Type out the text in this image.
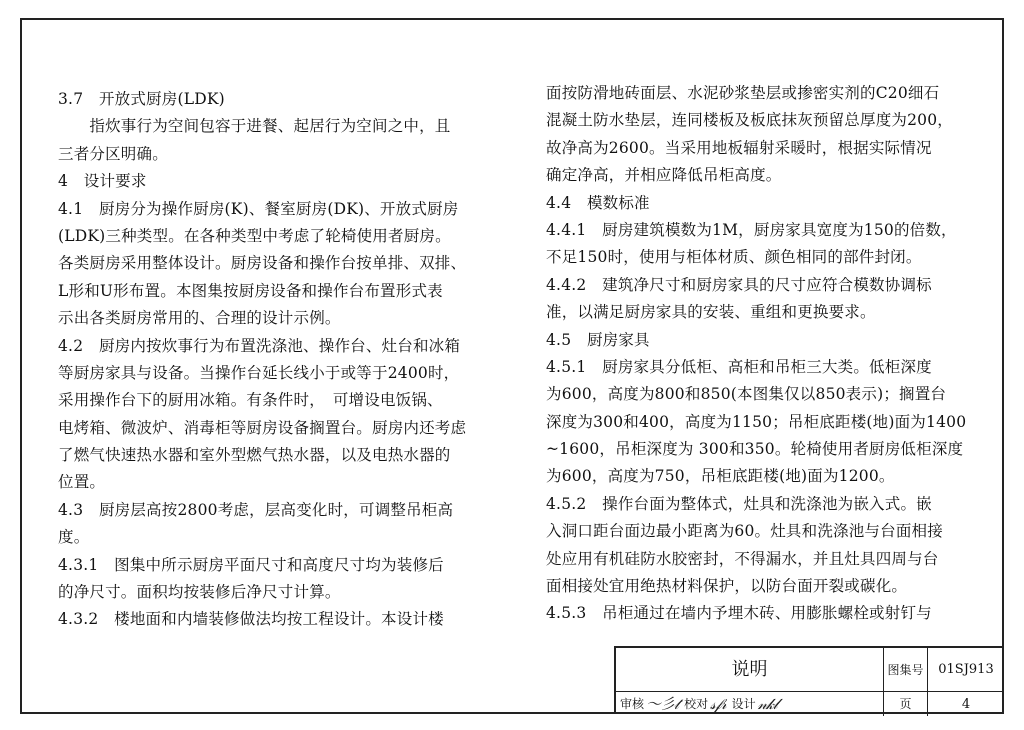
3.7　开放式厨房(LDK)
　　指炊事行为空间包容于进餐、起居行为空间之中，且
三者分区明确。
4　设计要求
4.1　厨房分为操作厨房(K)、餐室厨房(DK)、开放式厨房
(LDK)三种类型。在各种类型中考虑了轮椅使用者厨房。
各类厨房采用整体设计。厨房设备和操作台按单排、双排、
L形和U形布置。本图集按厨房设备和操作台布置形式表
示出各类厨房常用的、合理的设计示例。
4.2　厨房内按炊事行为布置洗涤池、操作台、灶台和冰箱
等厨房家具与设备。当操作台延长线小于或等于2400时，
采用操作台下的厨用冰箱。有条件时，　可增设电饭锅、
电烤箱、微波炉、消毒柜等厨房设备搁置台。厨房内还考虑
了燃气快速热水器和室外型燃气热水器，以及电热水器的
位置。
4.3　厨房层高按2800考虑，层高变化时，可调整吊柜高
度。
4.3.1　图集中所示厨房平面尺寸和高度尺寸均为装修后
的净尺寸。面积均按装修后净尺寸计算。
4.3.2　楼地面和内墙装修做法均按工程设计。本设计楼
面按防滑地砖面层、水泥砂浆垫层或掺密实剂的C20细石
混凝土防水垫层，连同楼板及板底抹灰预留总厚度为200，
故净高为2600。当采用地板辐射采暖时，根据实际情况
确定净高，并相应降低吊柜高度。
4.4　模数标准
4.4.1　厨房建筑模数为1M，厨房家具宽度为150的倍数，
不足150时，使用与柜体材质、颜色相同的部件封闭。
4.4.2　建筑净尺寸和厨房家具的尺寸应符合模数协调标
准，以满足厨房家具的安装、重组和更换要求。
4.5　厨房家具
4.5.1　厨房家具分低柜、高柜和吊柜三大类。低柜深度
为600，高度为800和850(本图集仅以850表示)；搁置台
深度为300和400，高度为1150；吊柜底距楼(地)面为1400
~1600，吊柜深度为 300和350。轮椅使用者厨房低柜深度
为600，高度为750，吊柜底距楼(地)面为1200。
4.5.2　操作台面为整体式，灶具和洗涤池为嵌入式。嵌
入洞口距台面边最小距离为60。灶具和洗涤池与台面相接
处应用有机硅防水胶密封，不得漏水，并且灶具四周与台
面相接处宜用绝热材料保护，以防台面开裂或碳化。
4.5.3　吊柜通过在墙内予埋木砖、用膨胀螺栓或射钉与
说明	图集号	01SJ913
审核 〜彡𝓉 校对 𝓈𝒻𝓇 设计 𝓃𝓀𝓁	页	4
